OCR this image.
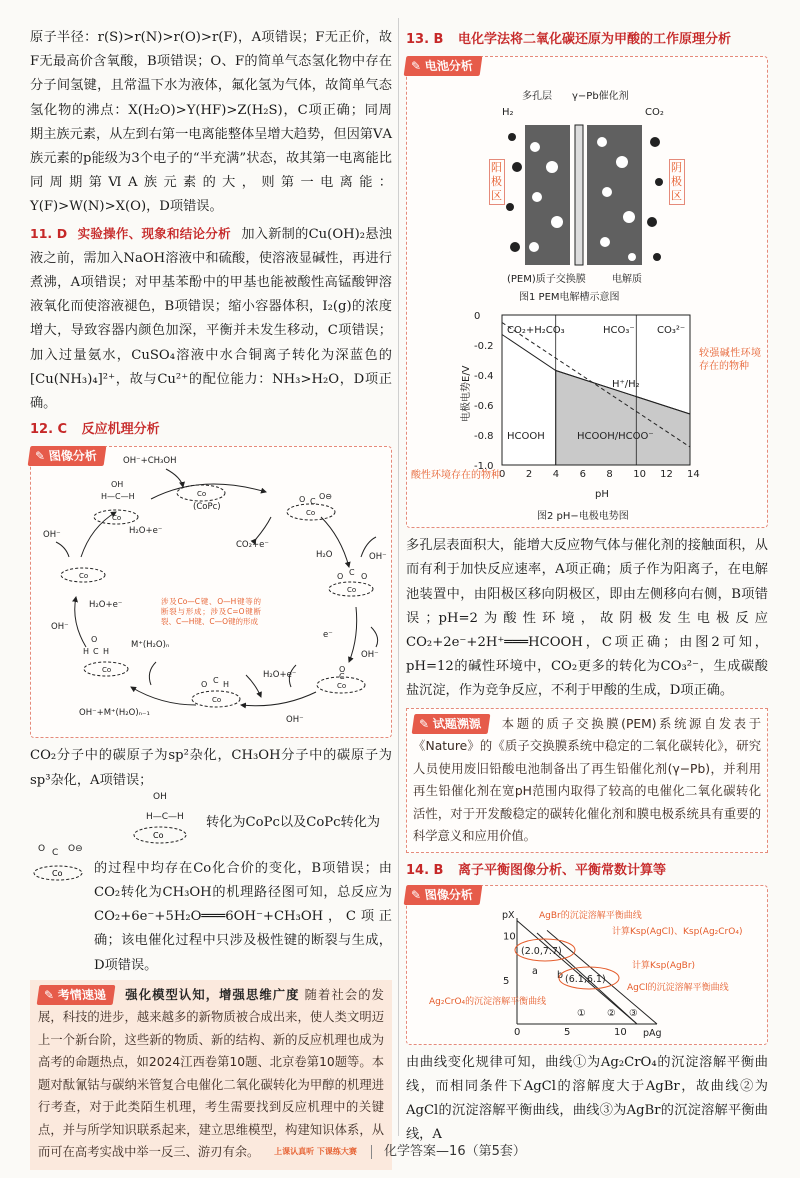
原子半径：r(S)>r(N)>r(O)>r(F)，A项错误；F无正价，故F无最高价含氧酸，B项错误；O、F的简单气态氢化物中存在分子间氢键，且常温下水为液体，氟化氢为气体，故简单气态氢化物的沸点：X(H₂O)>Y(HF)>Z(H₂S)，C项正确；同周期主族元素，从左到右第一电离能整体呈增大趋势，但因第ⅤA族元素的p能级为3个电子的“半充满”状态，故其第一电离能比同周期第ⅥA族元素的大，则第一电离能：Y(F)>W(N)>X(O)，D项错误。

11. D 实验操作、现象和结论分析 加入新制的Cu(OH)₂悬浊液之前，需加入NaOH溶液中和硫酸，使溶液显碱性，再进行煮沸，A项错误；对甲基苯酚中的甲基也能被酸性高锰酸钾溶液氧化而使溶液褪色，B项错误；缩小容器体积，I₂(g)的浓度增大，导致容器内颜色加深，平衡并未发生移动，C项错误；加入过量氨水，CuSO₄溶液中水合铜离子转化为深蓝色的[Cu(NH₃)₄]²⁺，故与Cu²⁺的配位能力：NH₃>H₂O，D项正确。

12. C 反应机理分析
✎ 图像分析	OH⁻+CH₃OH
(CoPc)
Co
CO₂+e⁻
H₂O+e⁻
Co
O O⊖
C
H₂O	OH⁻
Co
O C O
e⁻
OH⁻
Co
O
C
H₂O+e⁻
OH⁻
Co
O C H
OH⁻+M⁺(H₂O)ₙ₋₁
M⁺(H₂O)ₙ
Co
O
H C H
H₂O+e⁻
OH⁻
Co
OH⁻
Co
OH
H—C—H
涉及Co—C键、O—H键等的断裂与形成；涉及C=O键断裂、C—H键、C—O键的形成

CO₂分子中的碳原子为sp²杂化，CH₃OH分子中的碳原子为sp³杂化，A项错误；

OH
H—C—H
Co
转化为CoPc以及CoPc转化为
O C O⊖
Co 的过程中均存在Co化合价的变化，B项错误；由CO₂转化为CH₃OH的机理路径图可知，总反应为CO₂+6e⁻+5H₂O═══6OH⁻+CH₃OH，C项正确；该电催化过程中只涉及极性键的断裂与生成，D项错误。
✎ 考情速递 强化模型认知，增强思维广度 随着社会的发展，科技的进步，越来越多的新物质被合成出来，使人类文明迈上一个新台阶，这些新的物质、新的结构、新的反应机理也成为高考的命题热点，如2024江西卷第10题、北京卷第10题等。本题对酞氰钴与碳纳米管复合电催化二氧化碳转化为甲醇的机理进行考查，对于此类陌生机理，考生需要找到反应机理中的关键点，并与所学知识联系起来，建立思维模型，构建知识体系，从而可在高考实战中举一反三、游刃有余。
13. B 电化学法将二氧化碳还原为甲酸的工作原理分析
✎ 电池分析
多孔层 γ−Pb催化剂
H₂	CO₂
(PEM)质子交换膜	电解质
图1 PEM电解槽示意图
阳极区
阴极区
0 2 4 6 8 10 12 14
0
-0.2
-0.4
-0.6
-0.8
-1.0
CO₂+H₂CO₃	HCO₃⁻ CO₃²⁻
HCOOH	HCOOH/HCOO⁻
H⁺/H₂
pH
图2 pH−电极电势图
电极电势E/V
较强碱性环境存在的物种
酸性环境存在的物种

多孔层表面积大，能增大反应物气体与催化剂的接触面积，从而有利于加快反应速率，A项正确；质子作为阳离子，在电解池装置中，由阳极区移向阴极区，即由左侧移向右侧，B项错误；pH=2为酸性环境，故阴极发生电极反应CO₂+2e⁻+2H⁺═══HCOOH，C项正确；由图2可知，pH=12的碱性环境中，CO₂更多的转化为CO₃²⁻，生成碳酸盐沉淀，作为竞争反应，不利于甲酸的生成，D项正确。

✎ 试题溯源 本题的质子交换膜(PEM)系统源自发表于《Nature》的《质子交换膜系统中稳定的二氧化碳转化》，研究人员使用废旧铅酸电池制备出了再生铅催化剂(γ−Pb)，并利用再生铅催化剂在宽pH范围内取得了较高的电催化二氧化碳转化活性，对于开发酸稳定的碳转化催化剂和膜电极系统具有重要的科学意义和应用价值。
14. B 离子平衡图像分析、平衡常数计算等
✎ 图像分析
0	5	10
5
10
pX
pAg
(2.0,7.7)
(6.1,6.1)
a b
① ② ③
AgBr的沉淀溶解平衡曲线
计算Ksp(AgCl)、Ksp(Ag₂CrO₄)
计算Ksp(AgBr)
AgCl的沉淀溶解平衡曲线
Ag₂CrO₄的沉淀溶解平衡曲线

由曲线变化规律可知，曲线①为Ag₂CrO₄的沉淀溶解平衡曲线，而相同条件下AgCl的溶解度大于AgBr，故曲线②为AgCl的沉淀溶解平衡曲线，曲线③为AgBr的沉淀溶解平衡曲线，A

上课认真听 下课练大赛 化学答案—16（第5套）
